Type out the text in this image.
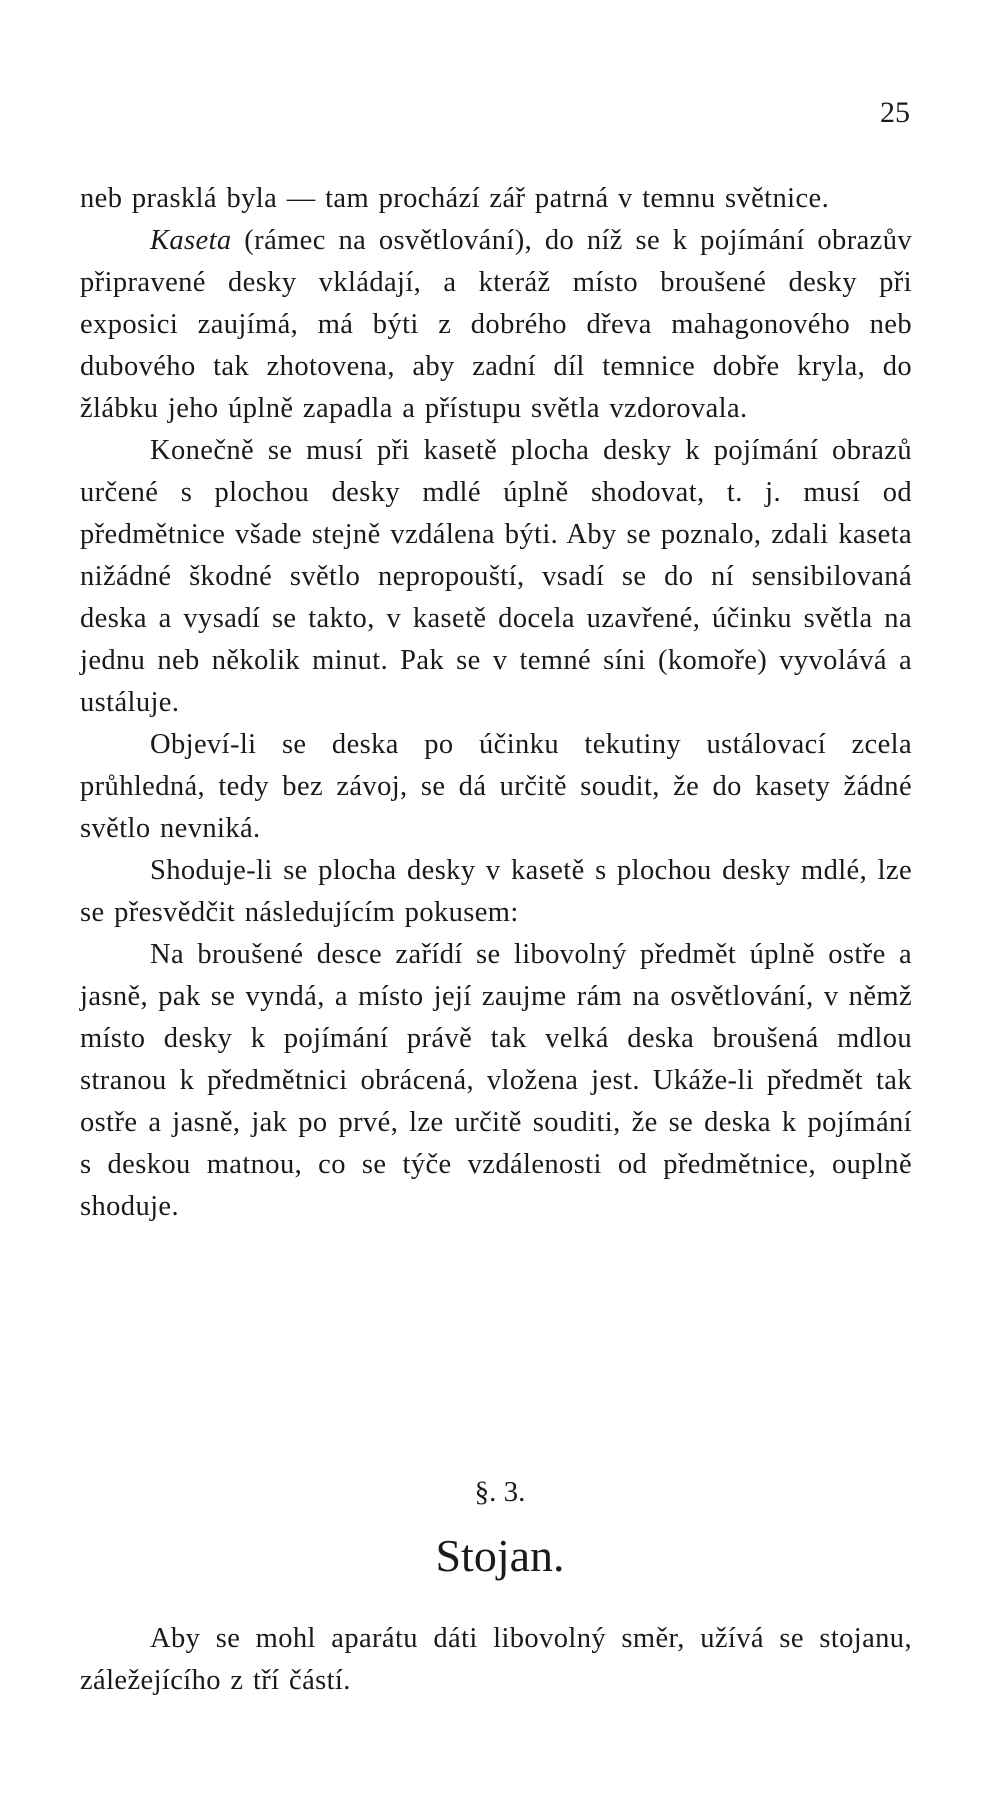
25

neb prasklá byla — tam prochází zář patrná v temnu světnice.

Kaseta (rámec na osvětlování), do níž se k pojímání obrazův připravené desky vkládají, a kteráž místo broušené desky při exposici zaujímá, má býti z dobrého dřeva mahagonového neb dubového tak zhotovena, aby zadní díl temnice dobře kryla, do žlábku jeho úplně zapadla a přístupu světla vzdorovala.

Konečně se musí při kasetě plocha desky k pojímání obrazů určené s plochou desky mdlé úplně shodovat, t. j. musí od předmětnice všade stejně vzdálena býti. Aby se poznalo, zdali kaseta nižádné škodné světlo nepropouští, vsadí se do ní sensibilovaná deska a vysadí se takto, v kasetě docela uzavřené, účinku světla na jednu neb několik minut. Pak se v temné síni (komoře) vyvolává a ustáluje.

Objeví-li se deska po účinku tekutiny ustálovací zcela průhledná, tedy bez závoj, se dá určitě soudit, že do kasety žádné světlo nevniká.

Shoduje-li se plocha desky v kasetě s plochou desky mdlé, lze se přesvědčit následujícím pokusem:

Na broušené desce zařídí se libovolný předmět úplně ostře a jasně, pak se vyndá, a místo její zaujme rám na osvětlování, v němž místo desky k pojímání právě tak velká deska broušená mdlou stranou k předmětnici obrácená, vložena jest. Ukáže-li předmět tak ostře a jasně, jak po prvé, lze určitě souditi, že se deska k pojímání s deskou matnou, co se týče vzdálenosti od předmětnice, ouplně shoduje.

§. 3.
Stojan.

Aby se mohl aparátu dáti libovolný směr, užívá se stojanu, záležejícího z tří částí.
